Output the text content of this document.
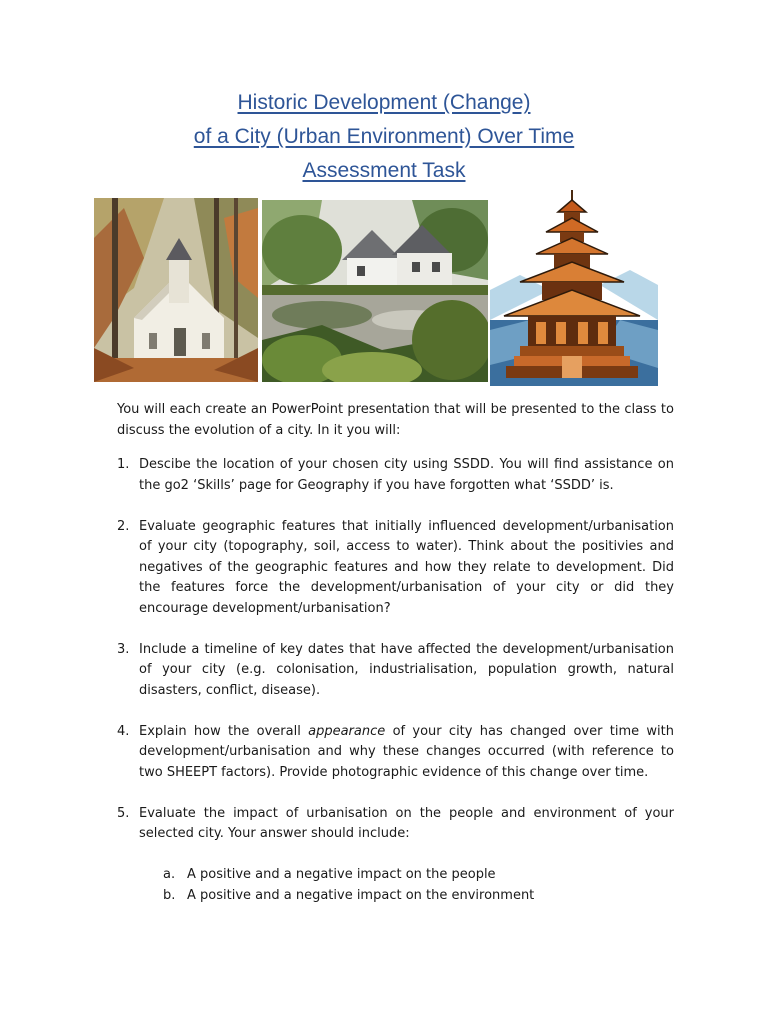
Historic Development (Change)
of a City (Urban Environment) Over Time
Assessment Task
You will each create an PowerPoint presentation that will be presented to the class to discuss the evolution of a city. In it you will:
1. Descibe the location of your chosen city using SSDD. You will find assistance on the go2 ‘Skills’ page for Geography if you have forgotten what ‘SSDD’ is.
2. Evaluate geographic features that initially influenced development/urbanisation of your city (topography, soil, access to water). Think about the positivies and negatives of the geographic features and how they relate to development. Did the features force the development/urbanisation of your city or did they encourage development/urbanisation?
3. Include a timeline of key dates that have affected the development/urbanisation of your city (e.g. colonisation, industrialisation, population growth, natural disasters, conflict, disease).
4. Explain how the overall appearance of your city has changed over time with development/urbanisation and why these changes occurred (with reference to two SHEEPT factors). Provide photographic evidence of this change over time.
5. Evaluate the impact of urbanisation on the people and environment of your selected city. Your answer should include:
a. A positive and a negative impact on the people
b. A positive and a negative impact on the environment
